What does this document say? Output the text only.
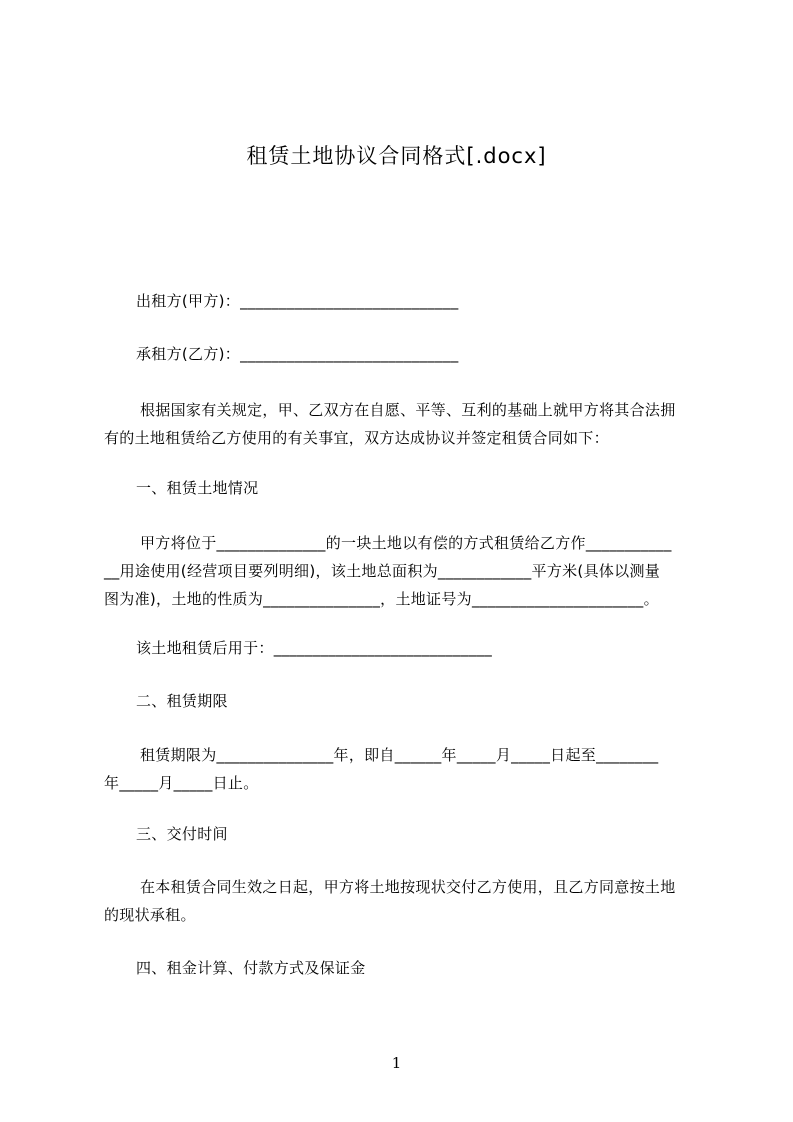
租赁土地协议合同格式[.docx]
出租方(甲方)：____________________________
承租方(乙方)：____________________________
根据国家有关规定，甲、乙双方在自愿、平等、互利的基础上就甲方将其合法拥
有的土地租赁给乙方使用的有关事宜，双方达成协议并签定租赁合同如下：
一、租赁土地情况
甲方将位于______________的一块土地以有偿的方式租赁给乙方作___________
__用途使用(经营项目要列明细)，该土地总面积为____________平方米(具体以测量
图为准)，土地的性质为_______________，土地证号为______________________。
该土地租赁后用于：____________________________
二、租赁期限
租赁期限为_______________年，即自______年_____月_____日起至________
年_____月_____日止。
三、交付时间
在本租赁合同生效之日起，甲方将土地按现状交付乙方使用，且乙方同意按土地
的现状承租。
四、租金计算、付款方式及保证金
1
